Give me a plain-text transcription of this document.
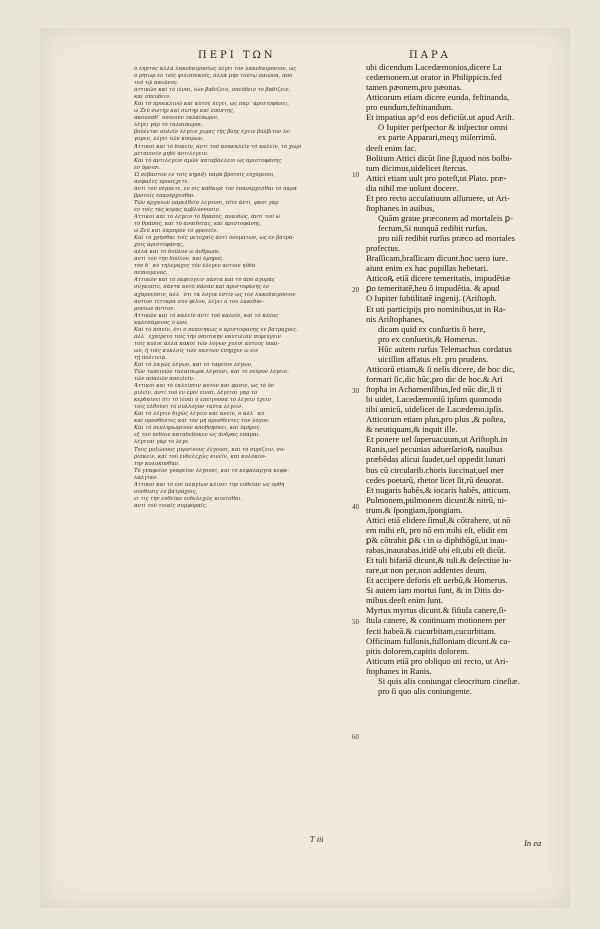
ΠΕΡΙ ΤΩΝ	ΠΑΡΑ

ὁ ληπτὸς ἀλλὰ λακεδαιμονίως λέγει τὸν λακεδαιμόνιον, ὡς

ὁ ῥήτωρ ἐν τοῖς φιλιππικοῖς, ἀλλὰ μὴν τούτῳ παιῶνα, ἀπὸ

τοῦ τῷ παιῶνος.

ἀττικῶν καὶ τὸ ἰέναι, ἰὼν βαδίζειν, σπεύδειν τὸ βαδίζειν,

καὶ σπεύδειν.

Καὶ τὸ προεκλινῶ καὶ αὐτὸς λέγει, ὡς παρ᾽ ἀριστοφάνει,

ὦ Ζεῦ σωτὴρ καὶ σωτὴρ καὶ ἐπόπτης,

ἀκούσαθ᾽ ὁσοιοῦν ταλαίπωροι.

λέγει γὰρ τὸ ταλαίπωροι.

βούλεται αὐλεῖν λέγειν χωρὶς τῆς βοὴς ἔχειν βόλβιτον λέ-

γομεν, λέγει τῶν κόπρων.

Ἀττικοὶ καὶ τὸ δοκεῖν, ἀντὶ τοῦ ἀνακαλεῖν τὸ καλεῖν, τὸ χωρὶ

μετανοεῖν μηδὲ ἀντιλέγειν.

Καὶ τὸ ἀντιλέγειν ἀμῶν καταβάλλειν ὡς ἀριστοφάνης

ἐν ὄρνισι.

Ὦ σεβαστὸν ἐν τοῖς κήρυξι παρὰ βροτοῖς εὐχόμενοι,

ἀσφαλὲς προσέχετε.

ἀντὶ τοῦ πέμπετε, ἐν οἷς κάθαιρε τὸν ἐπανέρχεσθαι τὸ παρὰ

βροτοῖς ἐπανέρχεσθαι.

Τῶν ἀρχαίων παρελθεῖν λέγουσι, πῖτε ἀντί, φασὶ γὰρ

ἐν τοῖς τὰς κόρας ἀμβλύνουσιν.

Ἀττικοὶ καὶ τὸ λέγειν τὸ θρασύς, ἀναιδῶς, ἀντὶ τοῦ ὦ

τὸ θράσος, καὶ τὸ ἀναιδείας, καὶ ἀριστοφάνης,

ὦ Ζεῦ καὶ λαμπρόν τὸ φρονεῖν.

Καὶ τὸ χρήσθαι τοῖς μετοχαῖς ἀντὶ ὀνομάτων, ὡς ἐν βατρά-

χοις ἀριστοφάνης,

ἀλλὰ καὶ τὸ δοῦλον ὦ ἄνθρωπε,

ἀντὶ τοῦ τὴν δοῦλον, καὶ ὅμηρος.

τὸν δ᾽ αὖ τηλέμαχος τὸν ἔλεγεν ἀντίον ηὔδα

πεπνυμένος.

Ἀττικῶν καὶ τὸ ἐκφεύγειν πάντα καὶ τὸ ἀπὸ ἀγορᾶς

σύγκοπτε, πάντα αὐτὸ πᾶσαν καὶ ἀριστοφάνης ἐν

ἀχαρνεῦσιν, ἀλλ᾽ ὅτι τὰ λόγια ἐστὶν ὡς τὸν λακεδαιμόνιον

ἀντίον τέτταρα σὺν φίλον, λέγει ὁ τὸν λακεδαι-

μονίων ἀντίον.

Ἀττικῶν καὶ τὸ καλεῖν ἀντὶ τοῦ καλεῖν, καὶ τὸ κλέος

καλεσάμενος ὁ ὤνε.

Καὶ τὸ ποιεῖν, ὅτι ὁ πεποιηκὼς ὁ ἀριστοφάνης ἐν βατράχοις.

ἀλλ᾽ ἐχαίρετο τοῖς τὴν ναυτικὴν ναυτιλίαν πεφεύγειν

τοῖς κολοὶ ἀλλὰ κακοὶ τῶν λόγων χυλοῖ αὐτούς ὑπαί-

ων, ἣ τοῖς κυκλοῖς τῶν παντων ἐπήρχεν ὦ εἶν

τῇ πολιτείᾳ.

Καὶ τὸ λαγῶς λέγων, καὶ τὸ ταμεῖον λέγων,

Τῶν ταπεινῶν ταλαίπωρα λέγουσι, καὶ τὸ νεῦρον λέγειν,

τῶν ἀπαλῶν ἀπειλεῖν.

Ἀττικοὶ καὶ τὸ ἐκλείπειν αὐτὸν καὶ φασὶν, ὡς τὸ ὅν

μιλεῖν, ἀντὶ τοῦ ἐν ἐμοὶ εἶναι, λέγεται γὰρ τὸ

κερδαίνει ὅτι τὸ ἰέναι ὁ ἐπείγουσα τὸ λέγειν ἔχειν

τοῖς ἐλθοῦσι τὸ σύλλογον ταῦτα λέγειν.

Καὶ τὸ λέγειν διχῶς λέγειν καὶ ἀνεῖν, ὁ ἀλλ᾽ αὖ

καὶ προσθέντες καὶ τὸν μὴ προσθέντες τὸν λόγον.

Καὶ τὸ πεπληρωμένον ἀποθνῄσκει, καὶ ὅμηρος.

ἐξ τοῦ πεδίου καταδεδύκεν ὡς ἄνδρας ἐπάμαι.

λέγεται γὰρ τό λέγε.

Τοὺς μυξώνους μυρσίνους λέγουσι, καὶ τὸ συρίζειν, συ-

ρίσκειν, καὶ τοῦ ἐνδελεχῶς κινεῖν, καὶ κολοκύν-

την κολοκύνθαν.

Τὸ γναφεῖον γναφεῖον λέγουσι, καὶ τὸ κεφαλαργία κεφα-

λαλγίαν.

Ἀττικοὶ καὶ τὸ ἐπὶ πλαγίων κλίσει τὴν εὐθεῖαν ὡς ὀρθὴ

σύνθεσις ἐν βατράχοις,

εἰ τις τὴν εὐθεῖαν ἐνδελεχῶς κινεῖσθαι.

ἀντὶ τοῦ τοιαῖς συμφοραῖς.

ubi dicendum Lacedæmonios,dicere La

cedæmonem.ut orator in Philippicis.fed

tamen pæonem,pro pæonas.

Atticorum etiam dicere eunda, feſtinanda,

pro eundum,feſtinandum.

Et impatiua ap^d eos deficiūt.ut apud Ariſt.

O Iupiter perſpector & inſpector omni

ex parte Apparari,meqȝ miſerrimū.

deeſt enim fac.

Bolitum Attici dicūt ſine β,quod nos bolbi-

tum dicimus,uidelicet ſtercus.

Attici etiam uult pro poteſt,ut Plato. præ-

dia nihil me uolunt docere.

Et pro recto accuſatiuum aſſumere, ut Ari-

ſtophanes in auibus,

Quām graue præconem ad mortaleis ꝑ-

fectum,Si nunquā redibit rurſus.

pro niſi redibit rurſus præco ad mortales

profectus.

Braſſicam,braſſicam dicunt.hoc uero iure.

aiunt enim ex hac pupillas hebetari.

Atticoꝶ etiā dicere temeritatis, impudētiæ

ꝑo temeritatē,heu ō impudētia. & apud

O Iupiter ſubtilitatē ingenij. (Ariſtoph.

Et uti participijs pro nominibus,ut in Ra-

nis Ariſtophanes,

dicam quid ex conſuetis ô here,

pro ex conſuetis,& Homerus.

Hūc autem rurſus Telemachus cordatus

uiciſſim affatus eſt. pro prudens.

Atticorū etiam,& ſi nelis dicere, de hoc dic,

formari ſic,dic hūc,pro dic de hoc.& Ari

ſtopha in Acharnenſibus,ſed nūc dic,ſi ti

bi uidet, Lacedæmoniū ipſum quomodo

tibi amicū, uidelicet de Lacædemo.ipſis.

Atticorum etiam plus,pro plus ,& poſtea,

& neutiquam,& inquit ille.

Et ponere uel ſuperuacuum,ut Ariſtoph.in

Ranis,uel pecunias aduerſarioꝶ nauibus

præbēdas alicui ſuadet,uel oppedit lunari

bus cū circularib.choris ſuccinat,uel mer

cedes poetarū, rhetor licet ſit,rū deuorat.

Et nugaris habēs,& iocaris habēs, atticum.

Pulmonem,pulmonem dicunt.& nitrū, ni-

trum.& ſpongiam,ſpongiam.

Attici etiā elidere ſimul,& cōtrahere, ut nō

em mihi eſt, pro nō em mihi eſt, elidit em

ꝑ& cōtrahit ꝑ& ι in ω diphthōgū,ut inau-

rabas,inaurabas.itidē ubi eſt,ubi eſt dicūt.

Et tuli bifariā dicunt,& tuli.& deſectiue iu-

rare,ut non per,non addentes deum.

Et accipere deforis eſt uerbū,& Homerus.

Si autem iam mortui ſunt, & in Ditis do-

mibus.deeſt enim ſunt.

Myrtus myrtus dicunt.& fiſtula canere,ſi-

ſtula canere, & continuam motionem per

fecti habeā.& cucurbitam,cucurbitam.

Officinam fullonis,fulloniam dicunt.& ca-

pitis dolorem,capitis dolorem.

Atticum etiā pro obliquo uti recto, ut Ari-

ſtophanes in Ranis.

Si quis alis coniungat cleocritum cineſiæ.

pro ſi quo alis coniungente.

10
20
30
40
50
60
T iii	In ea
